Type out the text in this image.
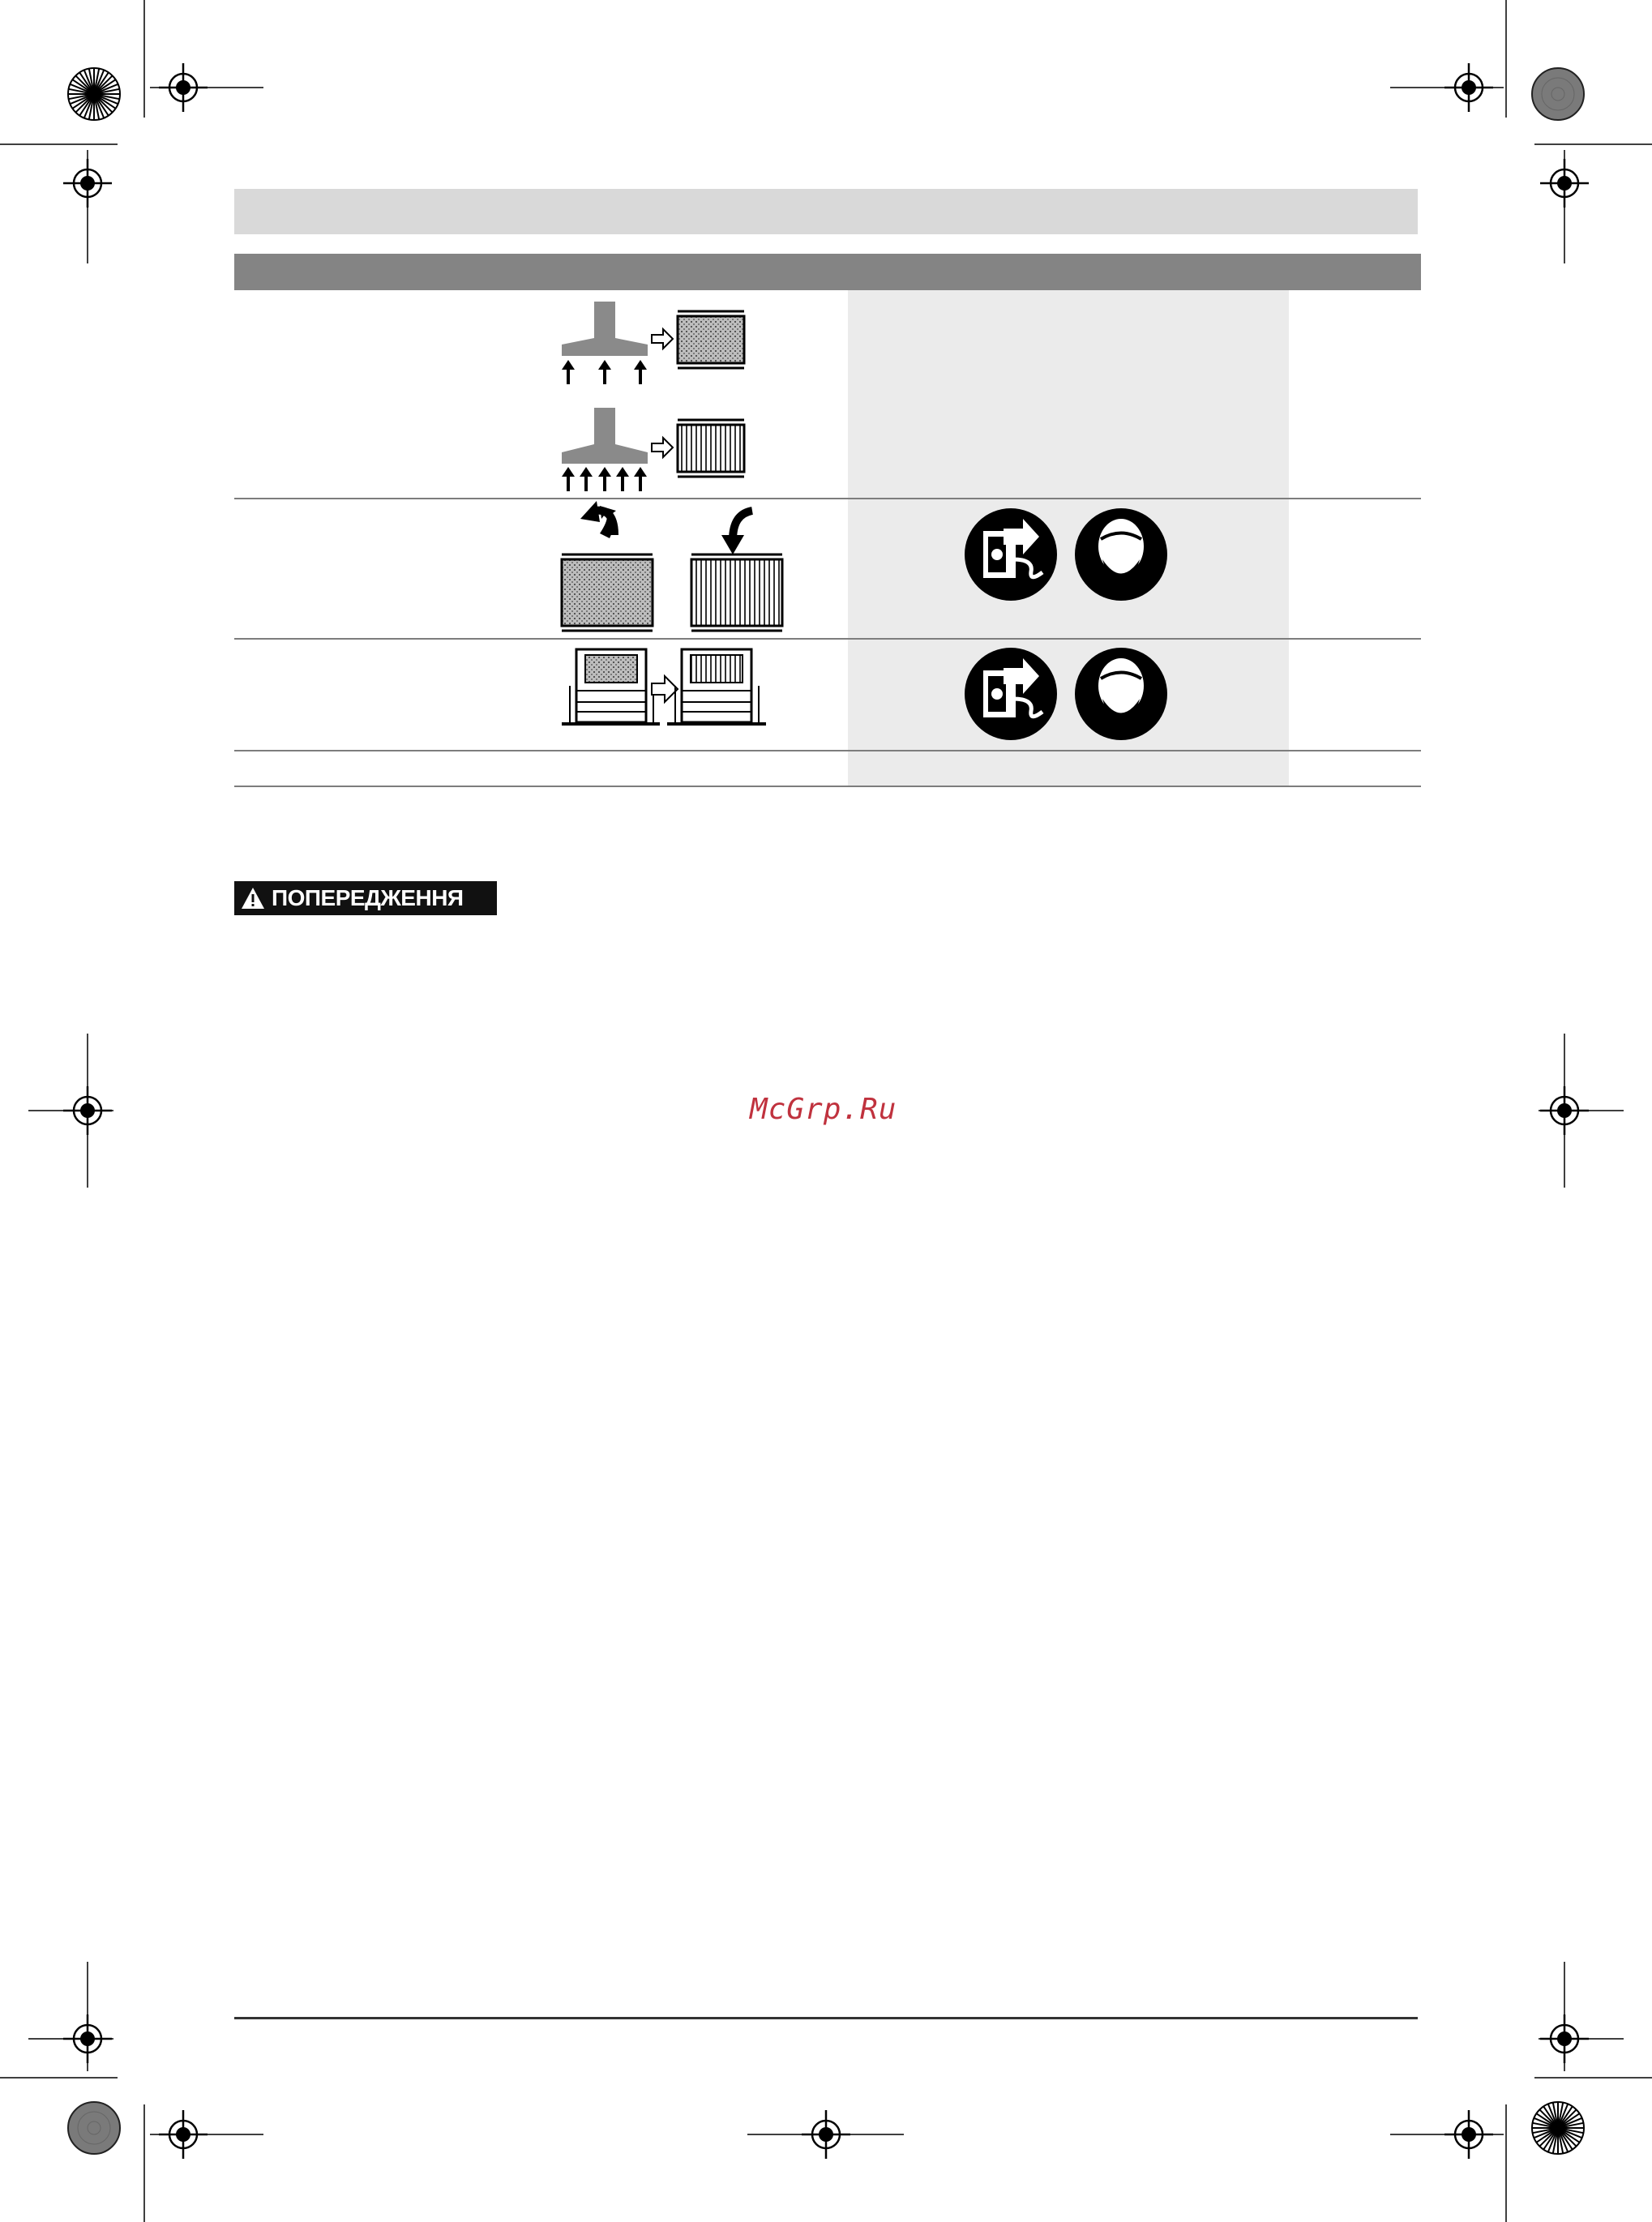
ПОПЕРЕДЖЕННЯ
McGrp.Ru
